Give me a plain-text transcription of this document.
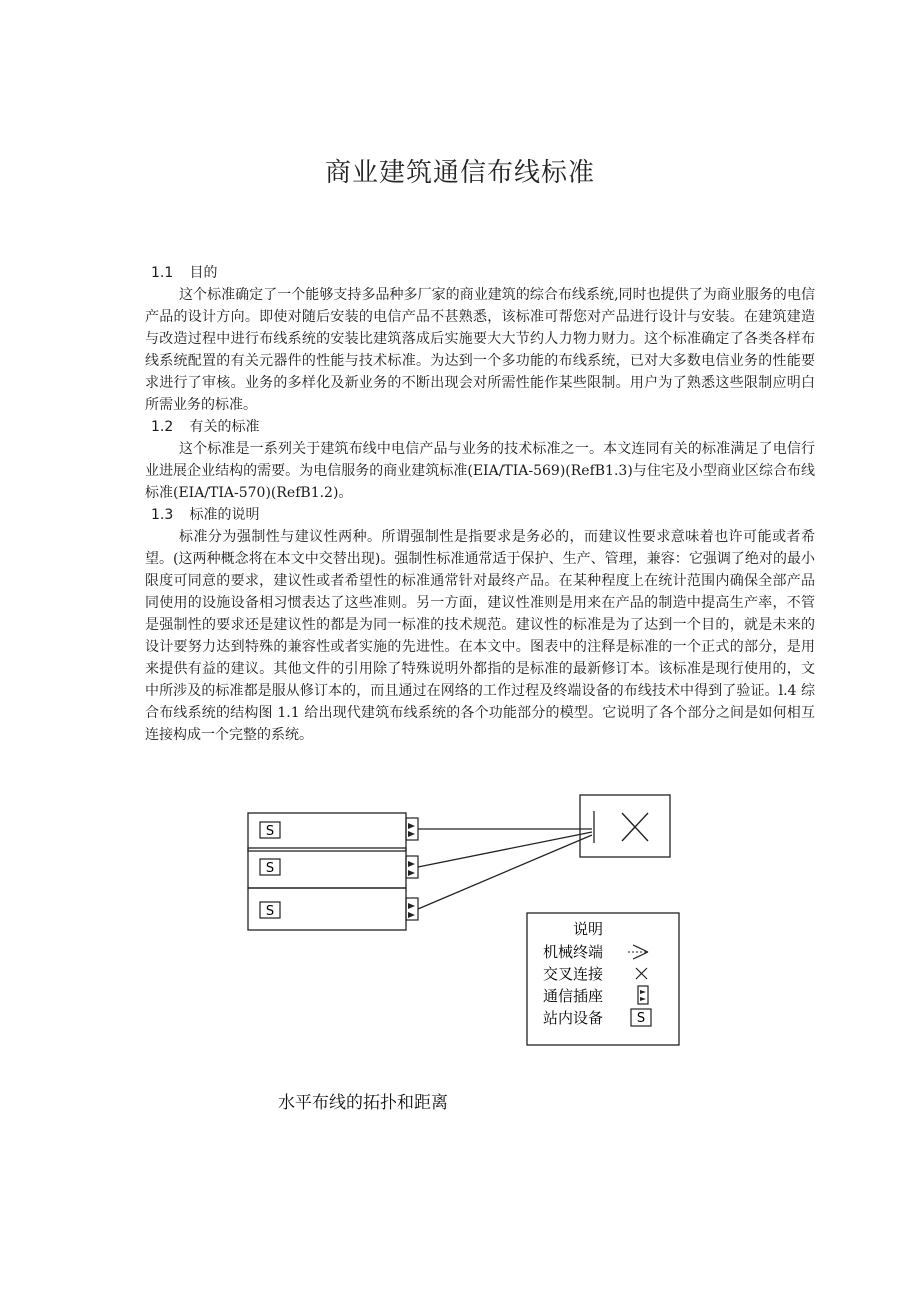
商业建筑通信布线标准
1.1 目的

这个标准确定了一个能够支持多品种多厂家的商业建筑的综合布线系统,同时也提供了为商业服务的电信产品的设计方向。即使对随后安装的电信产品不甚熟悉，该标准可帮您对产品进行设计与安装。在建筑建造与改造过程中进行布线系统的安装比建筑落成后实施要大大节约人力物力财力。这个标准确定了各类各样布线系统配置的有关元器件的性能与技术标准。为达到一个多功能的布线系统，已对大多数电信业务的性能要求进行了审核。业务的多样化及新业务的不断出现会对所需性能作某些限制。用户为了熟悉这些限制应明白所需业务的标准。

1.2 有关的标准

这个标准是一系列关于建筑布线中电信产品与业务的技术标准之一。本文连同有关的标准满足了电信行业进展企业结构的需要。为电信服务的商业建筑标准(EIA∕TIA-569)(RefB1.3)与住宅及小型商业区综合布线标准(EIA∕TIA-570)(RefB1.2)。

1.3 标准的说明

标准分为强制性与建议性两种。所谓强制性是指要求是务必的，而建议性要求意味着也许可能或者希望。(这两种概念将在本文中交替出现)。强制性标准通常适于保护、生产、管理，兼容：它强调了绝对的最小限度可同意的要求，建议性或者希望性的标准通常针对最终产品。在某种程度上在统计范围内确保全部产品同使用的设施设备相习惯表达了这些准则。另一方面，建议性准则是用来在产品的制造中提高生产率，不管是强制性的要求还是建议性的都是为同一标准的技术规范。建议性的标准是为了达到一个目的，就是未来的设计要努力达到特殊的兼容性或者实施的先进性。在本文中。图表中的注释是标准的一个正式的部分，是用来提供有益的建议。其他文件的引用除了特殊说明外都指的是标准的最新修订本。该标准是现行使用的，文中所涉及的标准都是服从修订本的，而且通过在网络的工作过程及终端设备的布线技术中得到了验证。l.4 综合布线系统的结构图 1.1 给出现代建筑布线系统的各个功能部分的模型。它说明了各个部分之间是如何相互连接构成一个完整的系统。

S
S
S
说明
机械终端
交叉连接
通信插座
站内设备	S
水平布线的拓扑和距离
